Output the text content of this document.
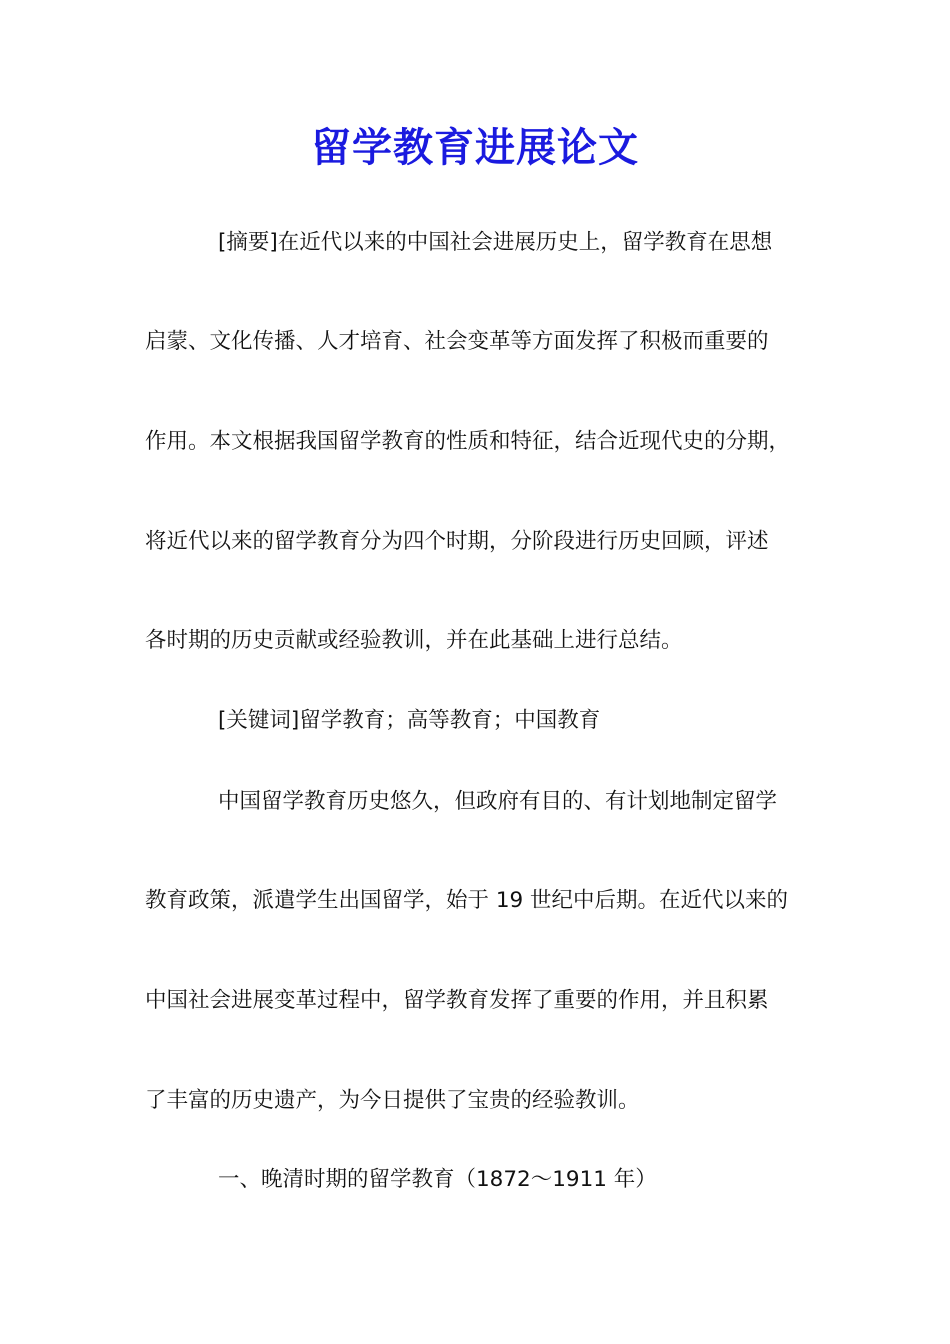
留学教育进展论文
[摘要]在近代以来的中国社会进展历史上，留学教育在思想
启蒙、文化传播、人才培育、社会变革等方面发挥了积极而重要的
作用。本文根据我国留学教育的性质和特征，结合近现代史的分期，
将近代以来的留学教育分为四个时期，分阶段进行历史回顾，评述
各时期的历史贡献或经验教训，并在此基础上进行总结。
[关键词]留学教育；高等教育；中国教育
中国留学教育历史悠久，但政府有目的、有计划地制定留学
教育政策，派遣学生出国留学，始于 19 世纪中后期。在近代以来的
中国社会进展变革过程中，留学教育发挥了重要的作用，并且积累
了丰富的历史遗产，为今日提供了宝贵的经验教训。
一、晚清时期的留学教育（1872～1911 年）
